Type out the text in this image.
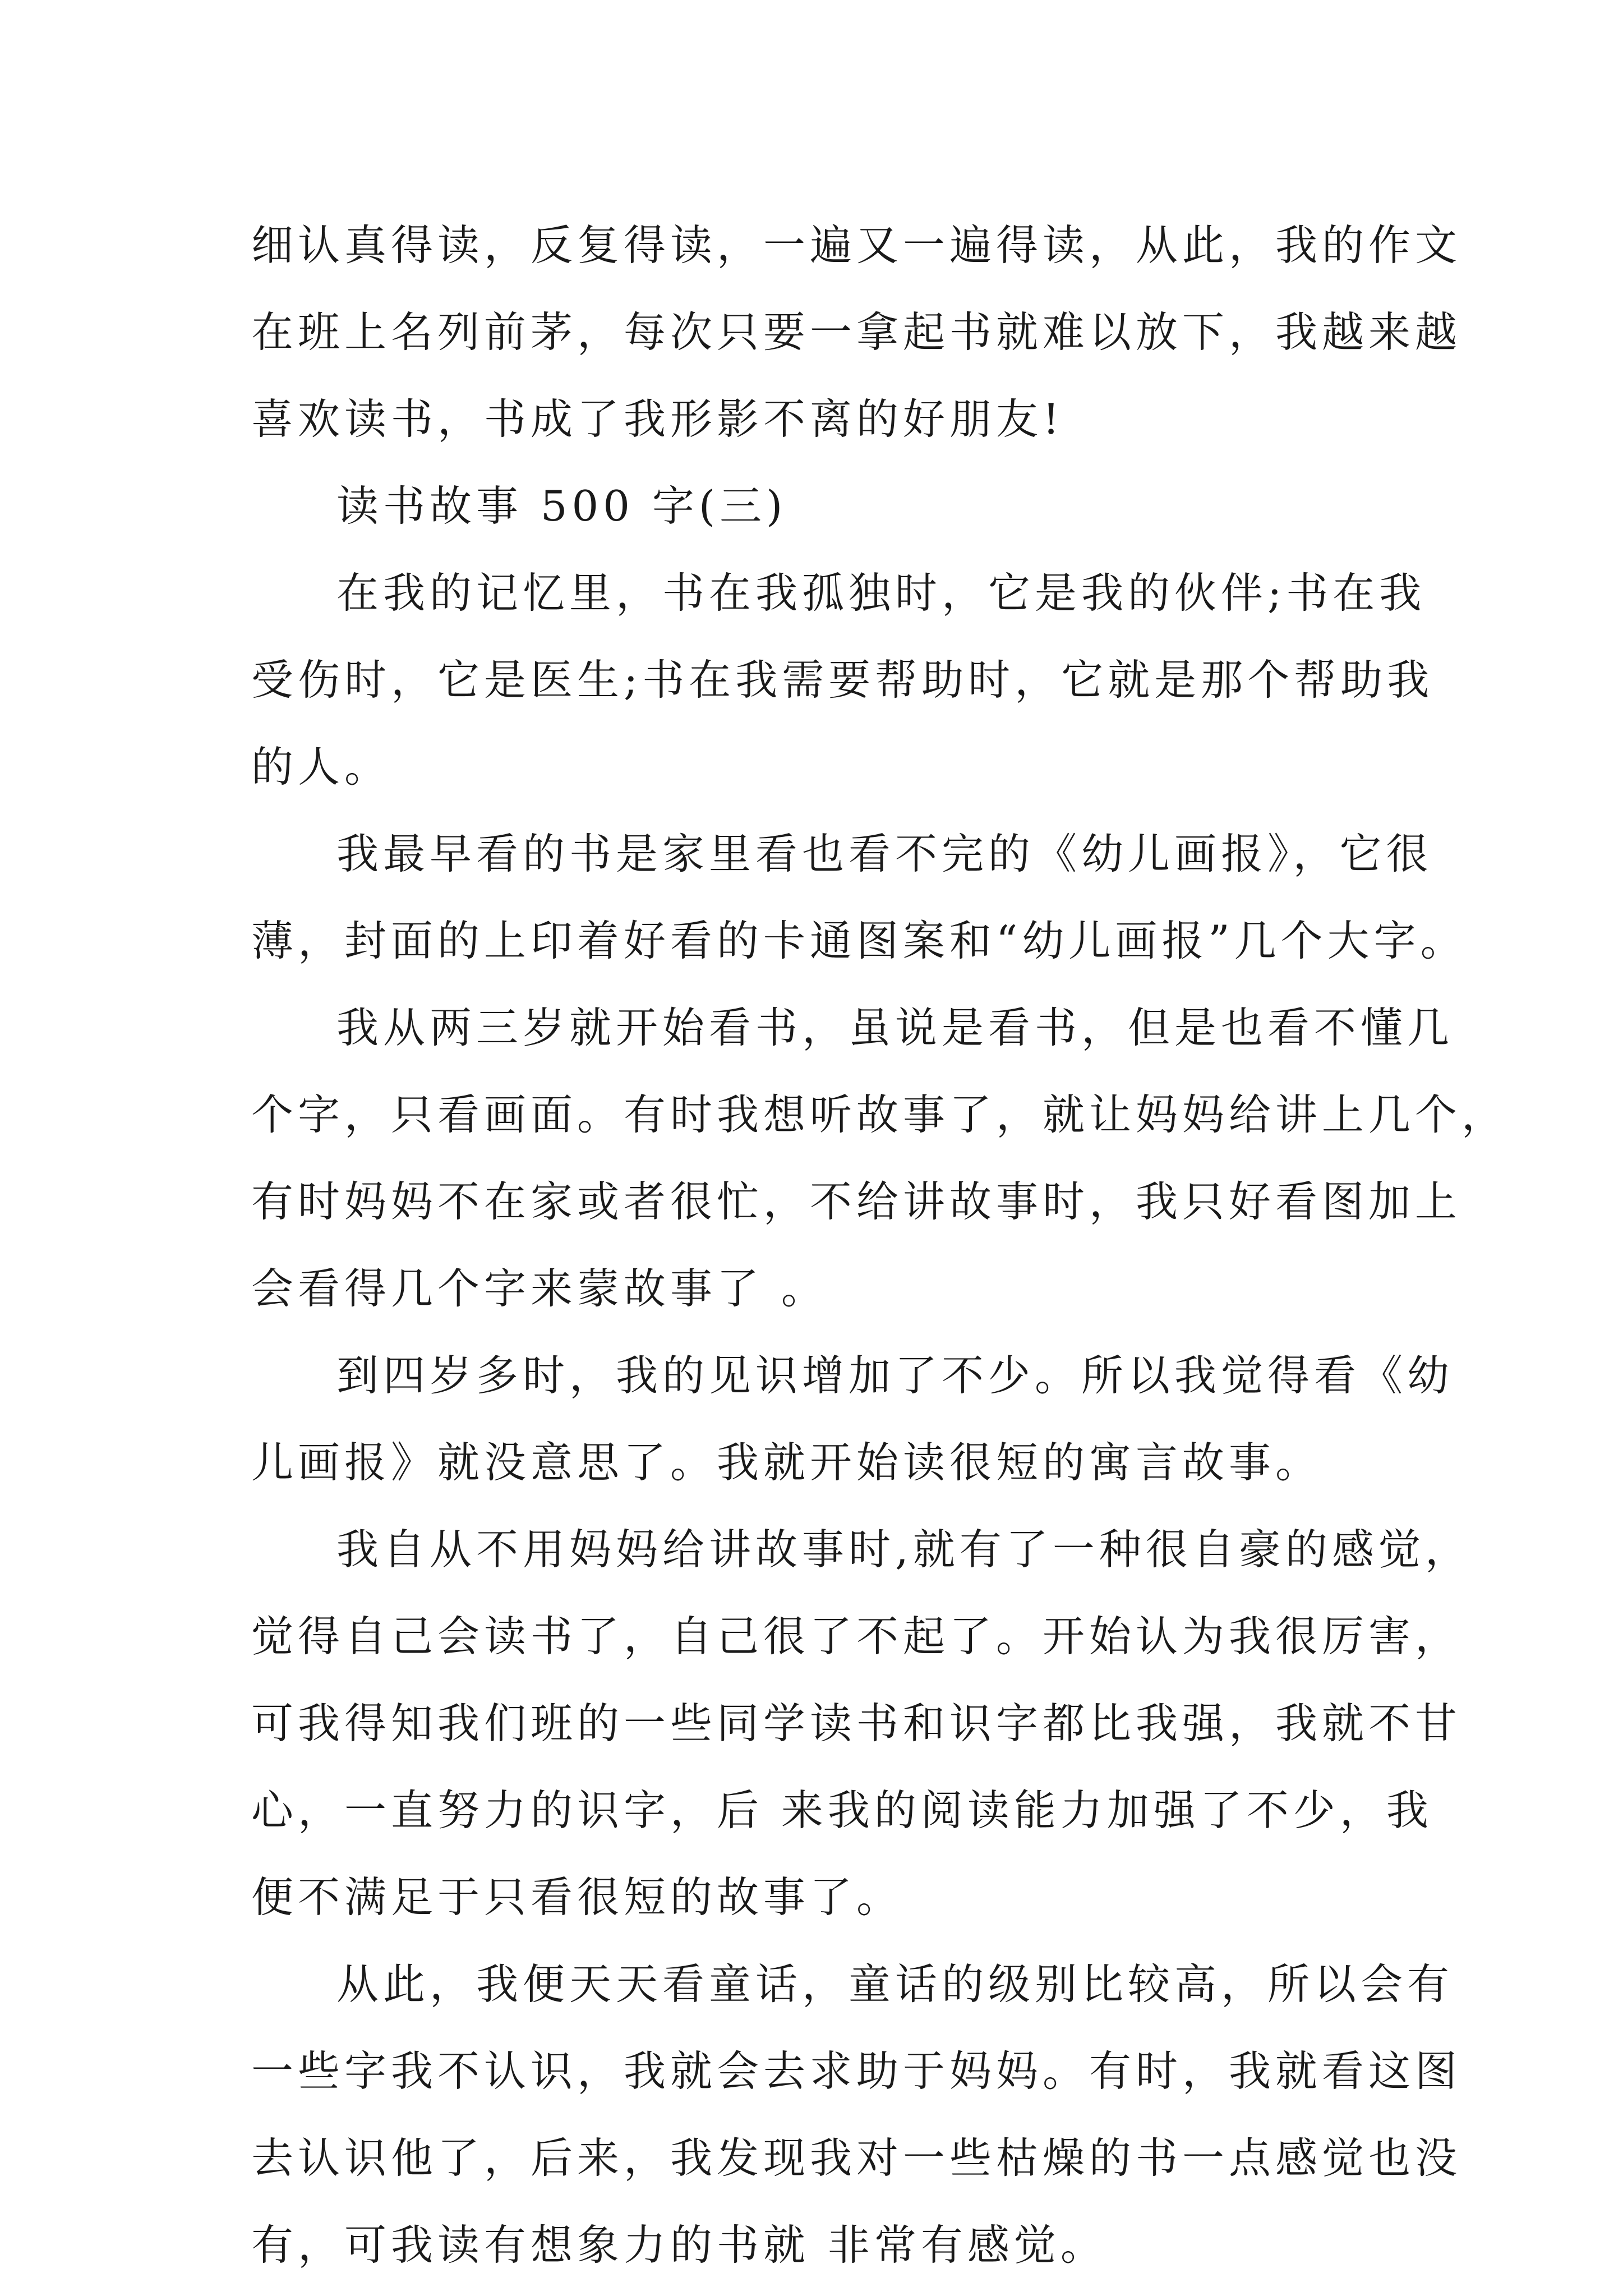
细认真得读，反复得读，一遍又一遍得读，从此，我的作文
在班上名列前茅，每次只要一拿起书就难以放下，我越来越
喜欢读书，书成了我形影不离的好朋友!
读书故事 500 字(三)
在我的记忆里，书在我孤独时，它是我的伙伴;书在我
受伤时，它是医生;书在我需要帮助时，它就是那个帮助我
的人。
我最早看的书是家里看也看不完的《幼儿画报》，它很
薄，封面的上印着好看的卡通图案和“幼儿画报”几个大字。
我从两三岁就开始看书，虽说是看书，但是也看不懂几
个字，只看画面。有时我想听故事了，就让妈妈给讲上几个，
有时妈妈不在家或者很忙，不给讲故事时，我只好看图加上
会看得几个字来蒙故事了 。
到四岁多时，我的见识增加了不少。所以我觉得看《幼
儿画报》就没意思了。我就开始读很短的寓言故事。
我自从不用妈妈给讲故事时,就有了一种很自豪的感觉，
觉得自己会读书了，自己很了不起了。开始认为我很厉害，
可我得知我们班的一些同学读书和识字都比我强，我就不甘
心，一直努力的识字，后 来我的阅读能力加强了不少，我
便不满足于只看很短的故事了。
从此，我便天天看童话，童话的级别比较高，所以会有
一些字我不认识，我就会去求助于妈妈。有时，我就看这图
去认识他了，后来，我发现我对一些枯燥的书一点感觉也没
有，可我读有想象力的书就 非常有感觉。
